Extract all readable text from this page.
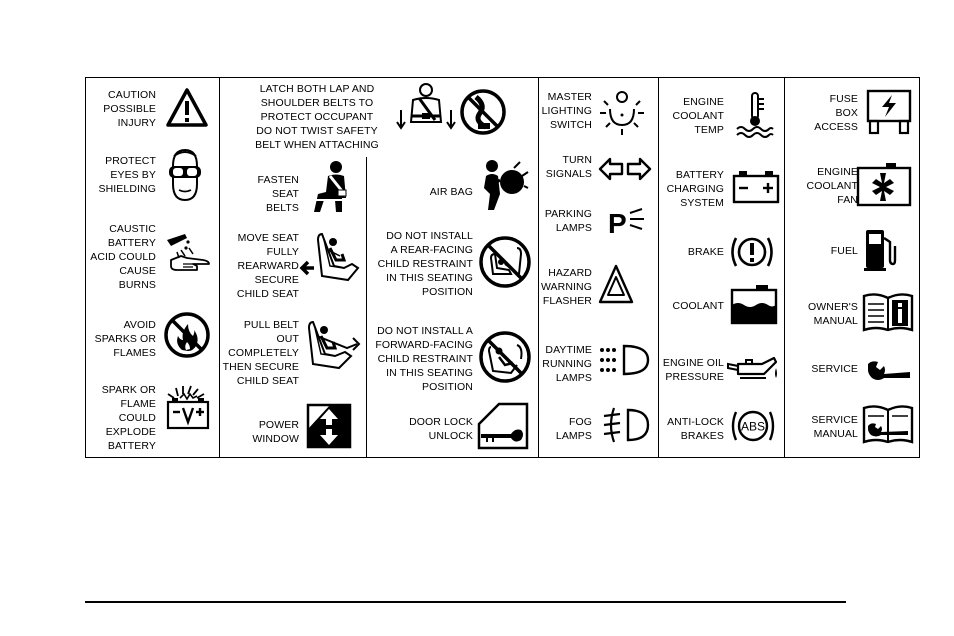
CAUTION
POSSIBLE
INJURY
PROTECT
EYES BY
SHIELDING
CAUSTIC
BATTERY
ACID COULD
CAUSE
BURNS
AVOID
SPARKS OR
FLAMES
SPARK OR
FLAME
COULD
EXPLODE
BATTERY
LATCH BOTH LAP AND
SHOULDER BELTS TO
PROTECT OCCUPANT
DO NOT TWIST SAFETY
BELT WHEN ATTACHING
FASTEN
SEAT
BELTS
MOVE SEAT
FULLY
REARWARD
SECURE
CHILD SEAT
PULL BELT
OUT
COMPLETELY
THEN SECURE
CHILD SEAT
POWER
WINDOW
AIR BAG
DO NOT INSTALL
A REAR-FACING
CHILD RESTRAINT
IN THIS SEATING
POSITION
DO NOT INSTALL A
FORWARD-FACING
CHILD RESTRAINT
IN THIS SEATING
POSITION
DOOR LOCK
UNLOCK
MASTER
LIGHTING
SWITCH
TURN
SIGNALS
PARKING
LAMPS P
HAZARD
WARNING
FLASHER
DAYTIME
RUNNING
LAMPS
FOG
LAMPS
ENGINE
COOLANT
TEMP
BATTERY
CHARGING
SYSTEM
BRAKE
COOLANT
ENGINE OIL
PRESSURE
ANTI-LOCK
BRAKES
ABS
FUSE
BOX
ACCESS
ENGINE
COOLANT
FAN
FUEL
OWNER'S
MANUAL
SERVICE
SERVICE
MANUAL
